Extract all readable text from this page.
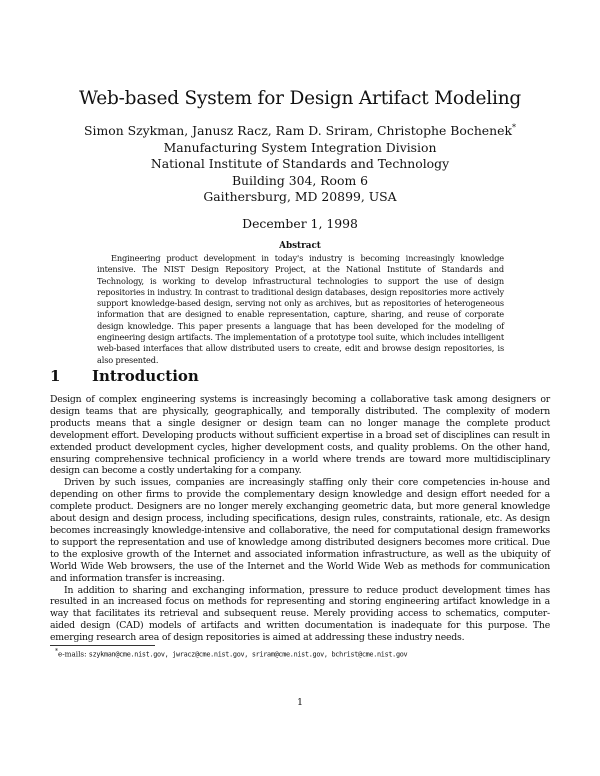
Web-based System for Design Artifact Modeling
Simon Szykman, Janusz Racz, Ram D. Sriram, Christophe Bochenek*
Manufacturing System Integration Division
National Institute of Standards and Technology
Building 304, Room 6
Gaithersburg, MD 20899, USA
December 1, 1998
Abstract

Engineering product development in today's industry is becoming increasingly knowledge intensive. The NIST Design Repository Project, at the National Institute of Standards and Technology, is working to develop infrastructural technologies to support the use of design repositories in industry. In contrast to traditional design databases, design repositories more actively support knowledge-based design, serving not only as archives, but as repositories of heterogeneous information that are designed to enable representation, capture, sharing, and reuse of corporate design knowledge. This paper presents a language that has been developed for the modeling of engineering design artifacts. The implementation of a prototype tool suite, which includes intelligent web-based interfaces that allow distributed users to create, edit and browse design repositories, is also presented.

1 Introduction

Design of complex engineering systems is increasingly becoming a collaborative task among designers or design teams that are physically, geographically, and temporally distributed. The complexity of modern products means that a single designer or design team can no longer manage the complete product development effort. Developing products without sufficient expertise in a broad set of disciplines can result in extended product development cycles, higher development costs, and quality problems. On the other hand, ensuring comprehensive technical proficiency in a world where trends are toward more multidisciplinary design can become a costly undertaking for a company.

Driven by such issues, companies are increasingly staffing only their core competencies in-house and depending on other firms to provide the complementary design knowledge and design effort needed for a complete product. Designers are no longer merely exchanging geometric data, but more general knowledge about design and design process, including specifications, design rules, constraints, rationale, etc. As design becomes increasingly knowledge-intensive and collaborative, the need for computational design frameworks to support the representation and use of knowledge among distributed designers becomes more critical. Due to the explosive growth of the Internet and associated information infrastructure, as well as the ubiquity of World Wide Web browsers, the use of the Internet and the World Wide Web as methods for communication and information transfer is increasing.

In addition to sharing and exchanging information, pressure to reduce product development times has resulted in an increased focus on methods for representing and storing engineering artifact knowledge in a way that facilitates its retrieval and subsequent reuse. Merely providing access to schematics, computer-aided design (CAD) models of artifacts and written documentation is inadequate for this purpose. The emerging research area of design repositories is aimed at addressing these industry needs.

*e-mails: szykman@cme.nist.gov, jwracz@cme.nist.gov, sriram@cme.nist.gov, bchrist@cme.nist.gov
1
